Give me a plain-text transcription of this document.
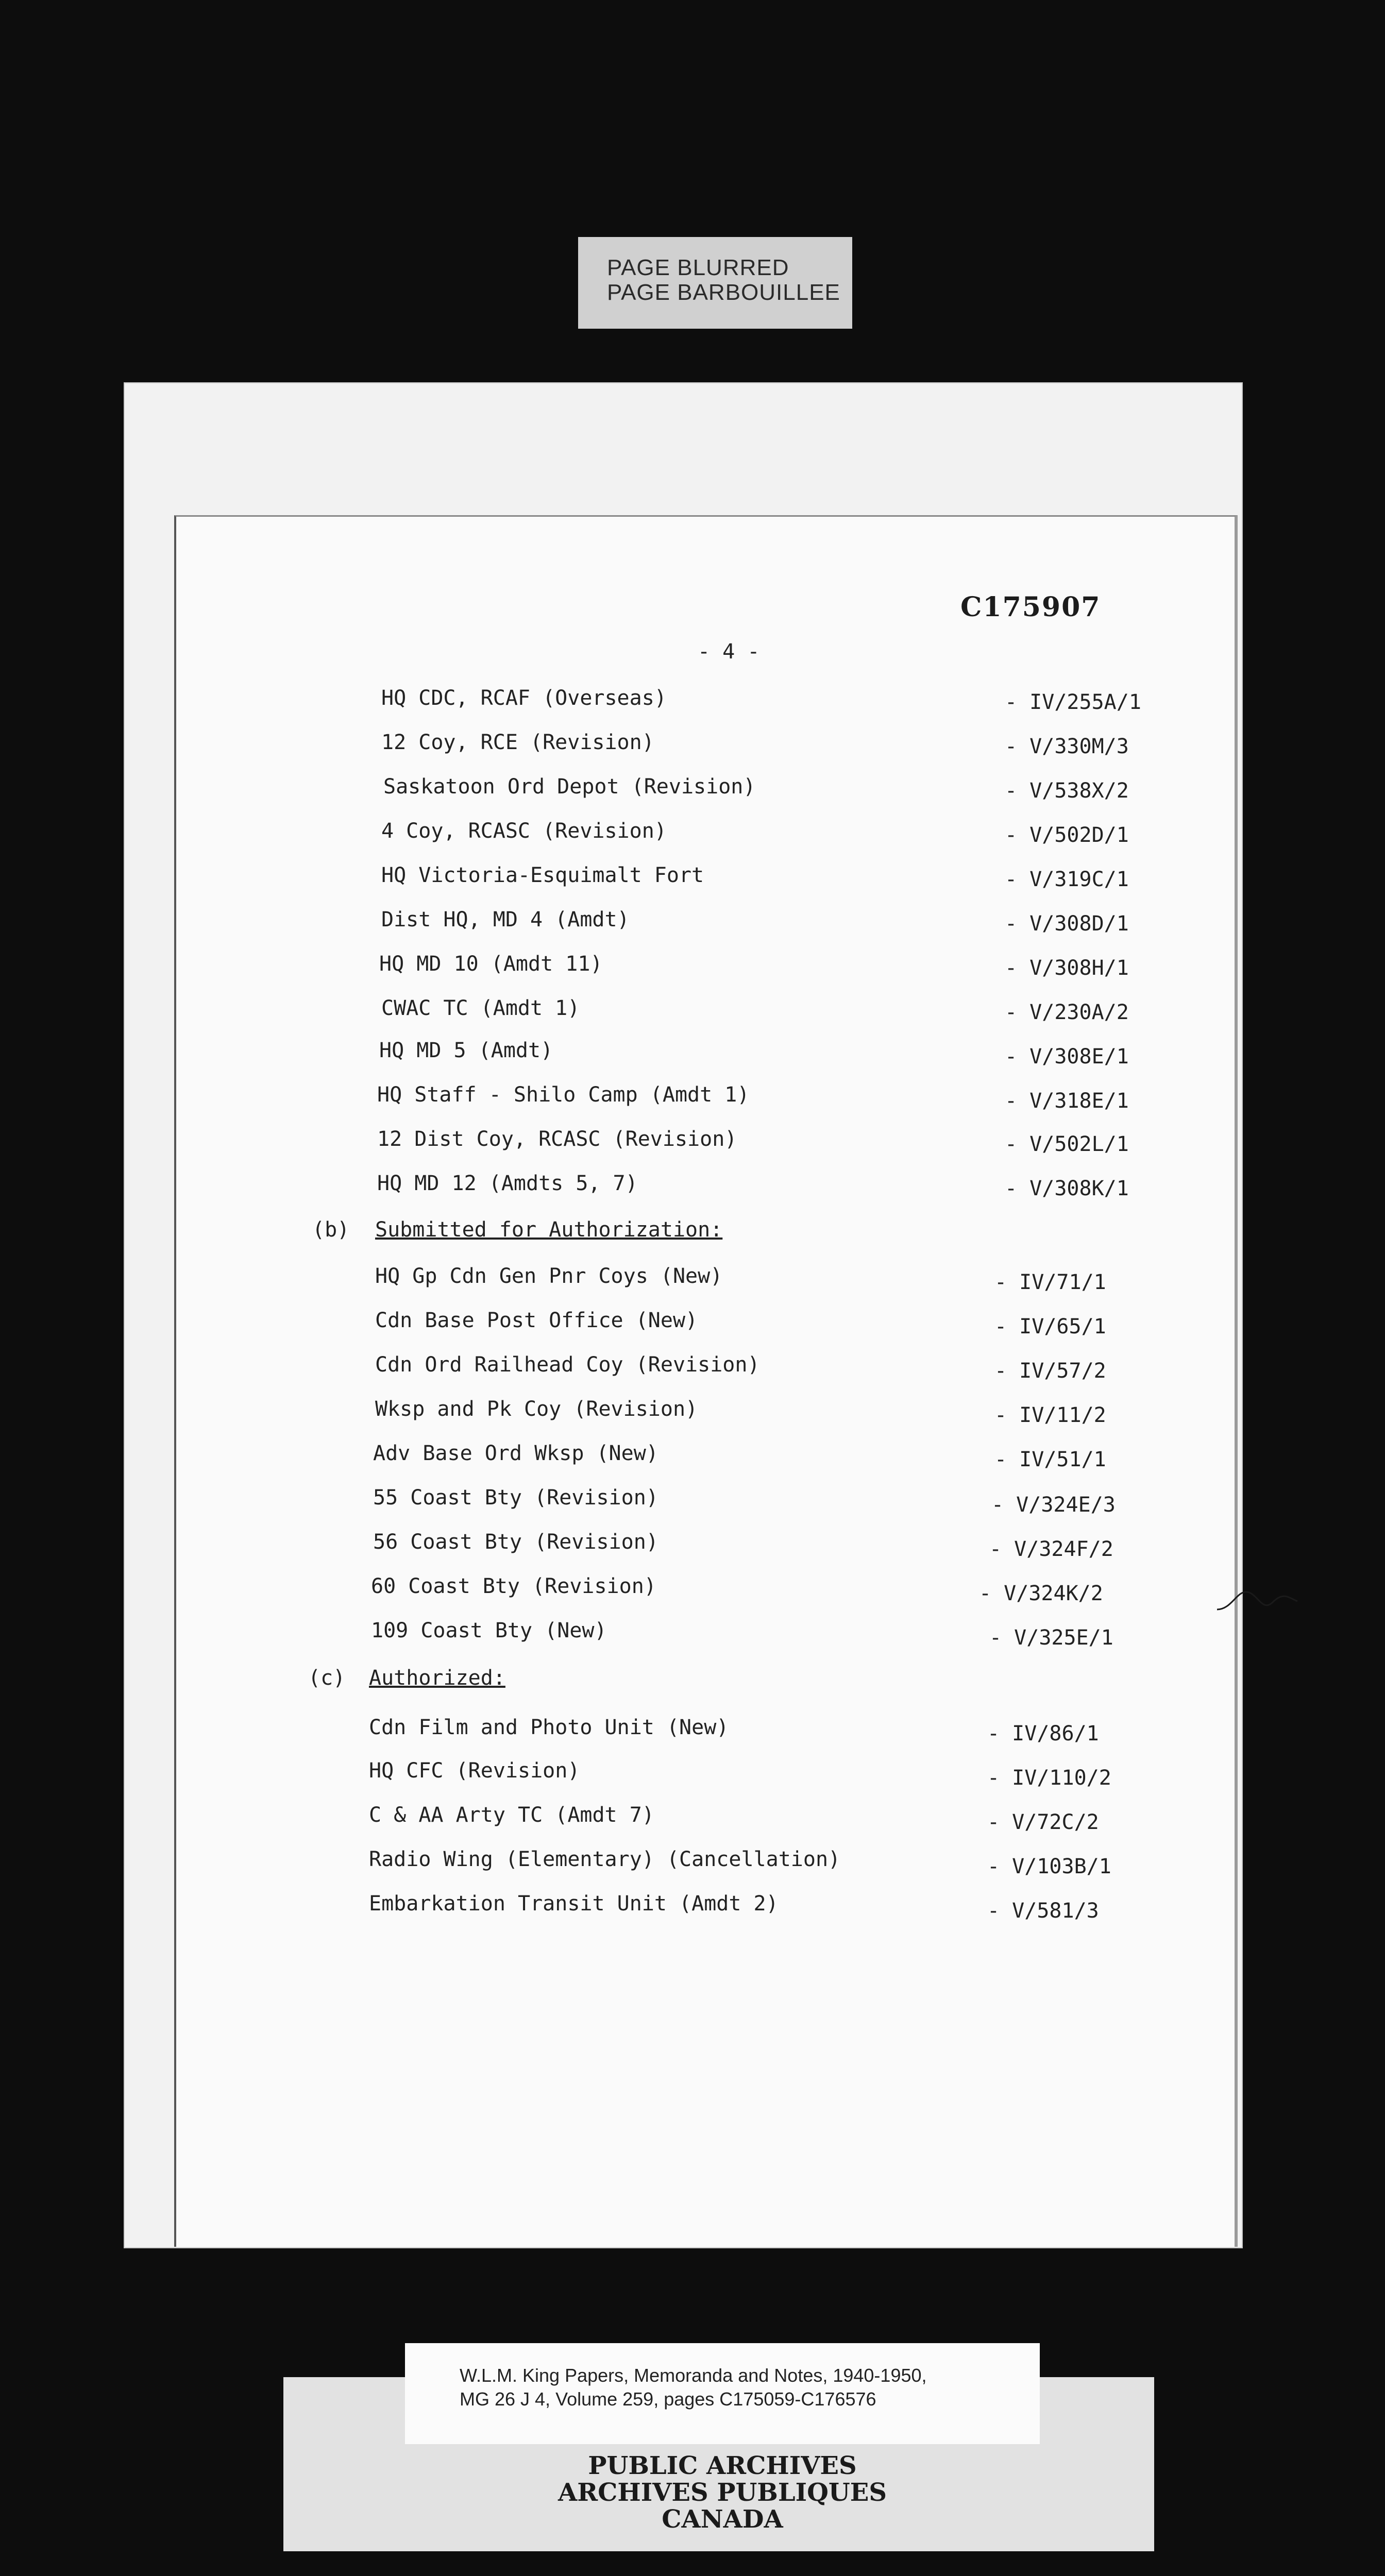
PAGE BLURRED
PAGE BARBOUILLEE
C175907
- 4 -
HQ CDC, RCAF (Overseas)	- IV/255A/1
12 Coy, RCE (Revision)	- V/330M/3
Saskatoon Ord Depot (Revision)	- V/538X/2
4 Coy, RCASC (Revision)	- V/502D/1
HQ Victoria-Esquimalt Fort	- V/319C/1
Dist HQ, MD 4 (Amdt)	- V/308D/1
HQ MD 10 (Amdt 11)	- V/308H/1
CWAC TC (Amdt 1)	- V/230A/2
HQ MD 5 (Amdt)	- V/308E/1
HQ Staff - Shilo Camp (Amdt 1)	- V/318E/1
12 Dist Coy, RCASC (Revision)	- V/502L/1
HQ MD 12 (Amdts 5, 7)	- V/308K/1
(b) Submitted for Authorization:
HQ Gp Cdn Gen Pnr Coys (New)	- IV/71/1
Cdn Base Post Office (New)	- IV/65/1
Cdn Ord Railhead Coy (Revision)	- IV/57/2
Wksp and Pk Coy (Revision)	- IV/11/2
Adv Base Ord Wksp (New)	- IV/51/1
55 Coast Bty (Revision)	- V/324E/3
56 Coast Bty (Revision)	- V/324F/2
60 Coast Bty (Revision)	- V/324K/2
109 Coast Bty (New)	- V/325E/1
(c) Authorized:
Cdn Film and Photo Unit (New)	- IV/86/1
HQ CFC (Revision)	- IV/110/2
C & AA Arty TC (Amdt 7)	- V/72C/2
Radio Wing (Elementary) (Cancellation)	- V/103B/1
Embarkation Transit Unit (Amdt 2)	- V/581/3
W.L.M. King Papers, Memoranda and Notes, 1940-1950,
MG 26 J 4, Volume 259, pages C175059-C176576
PUBLIC ARCHIVES
ARCHIVES PUBLIQUES
CANADA
